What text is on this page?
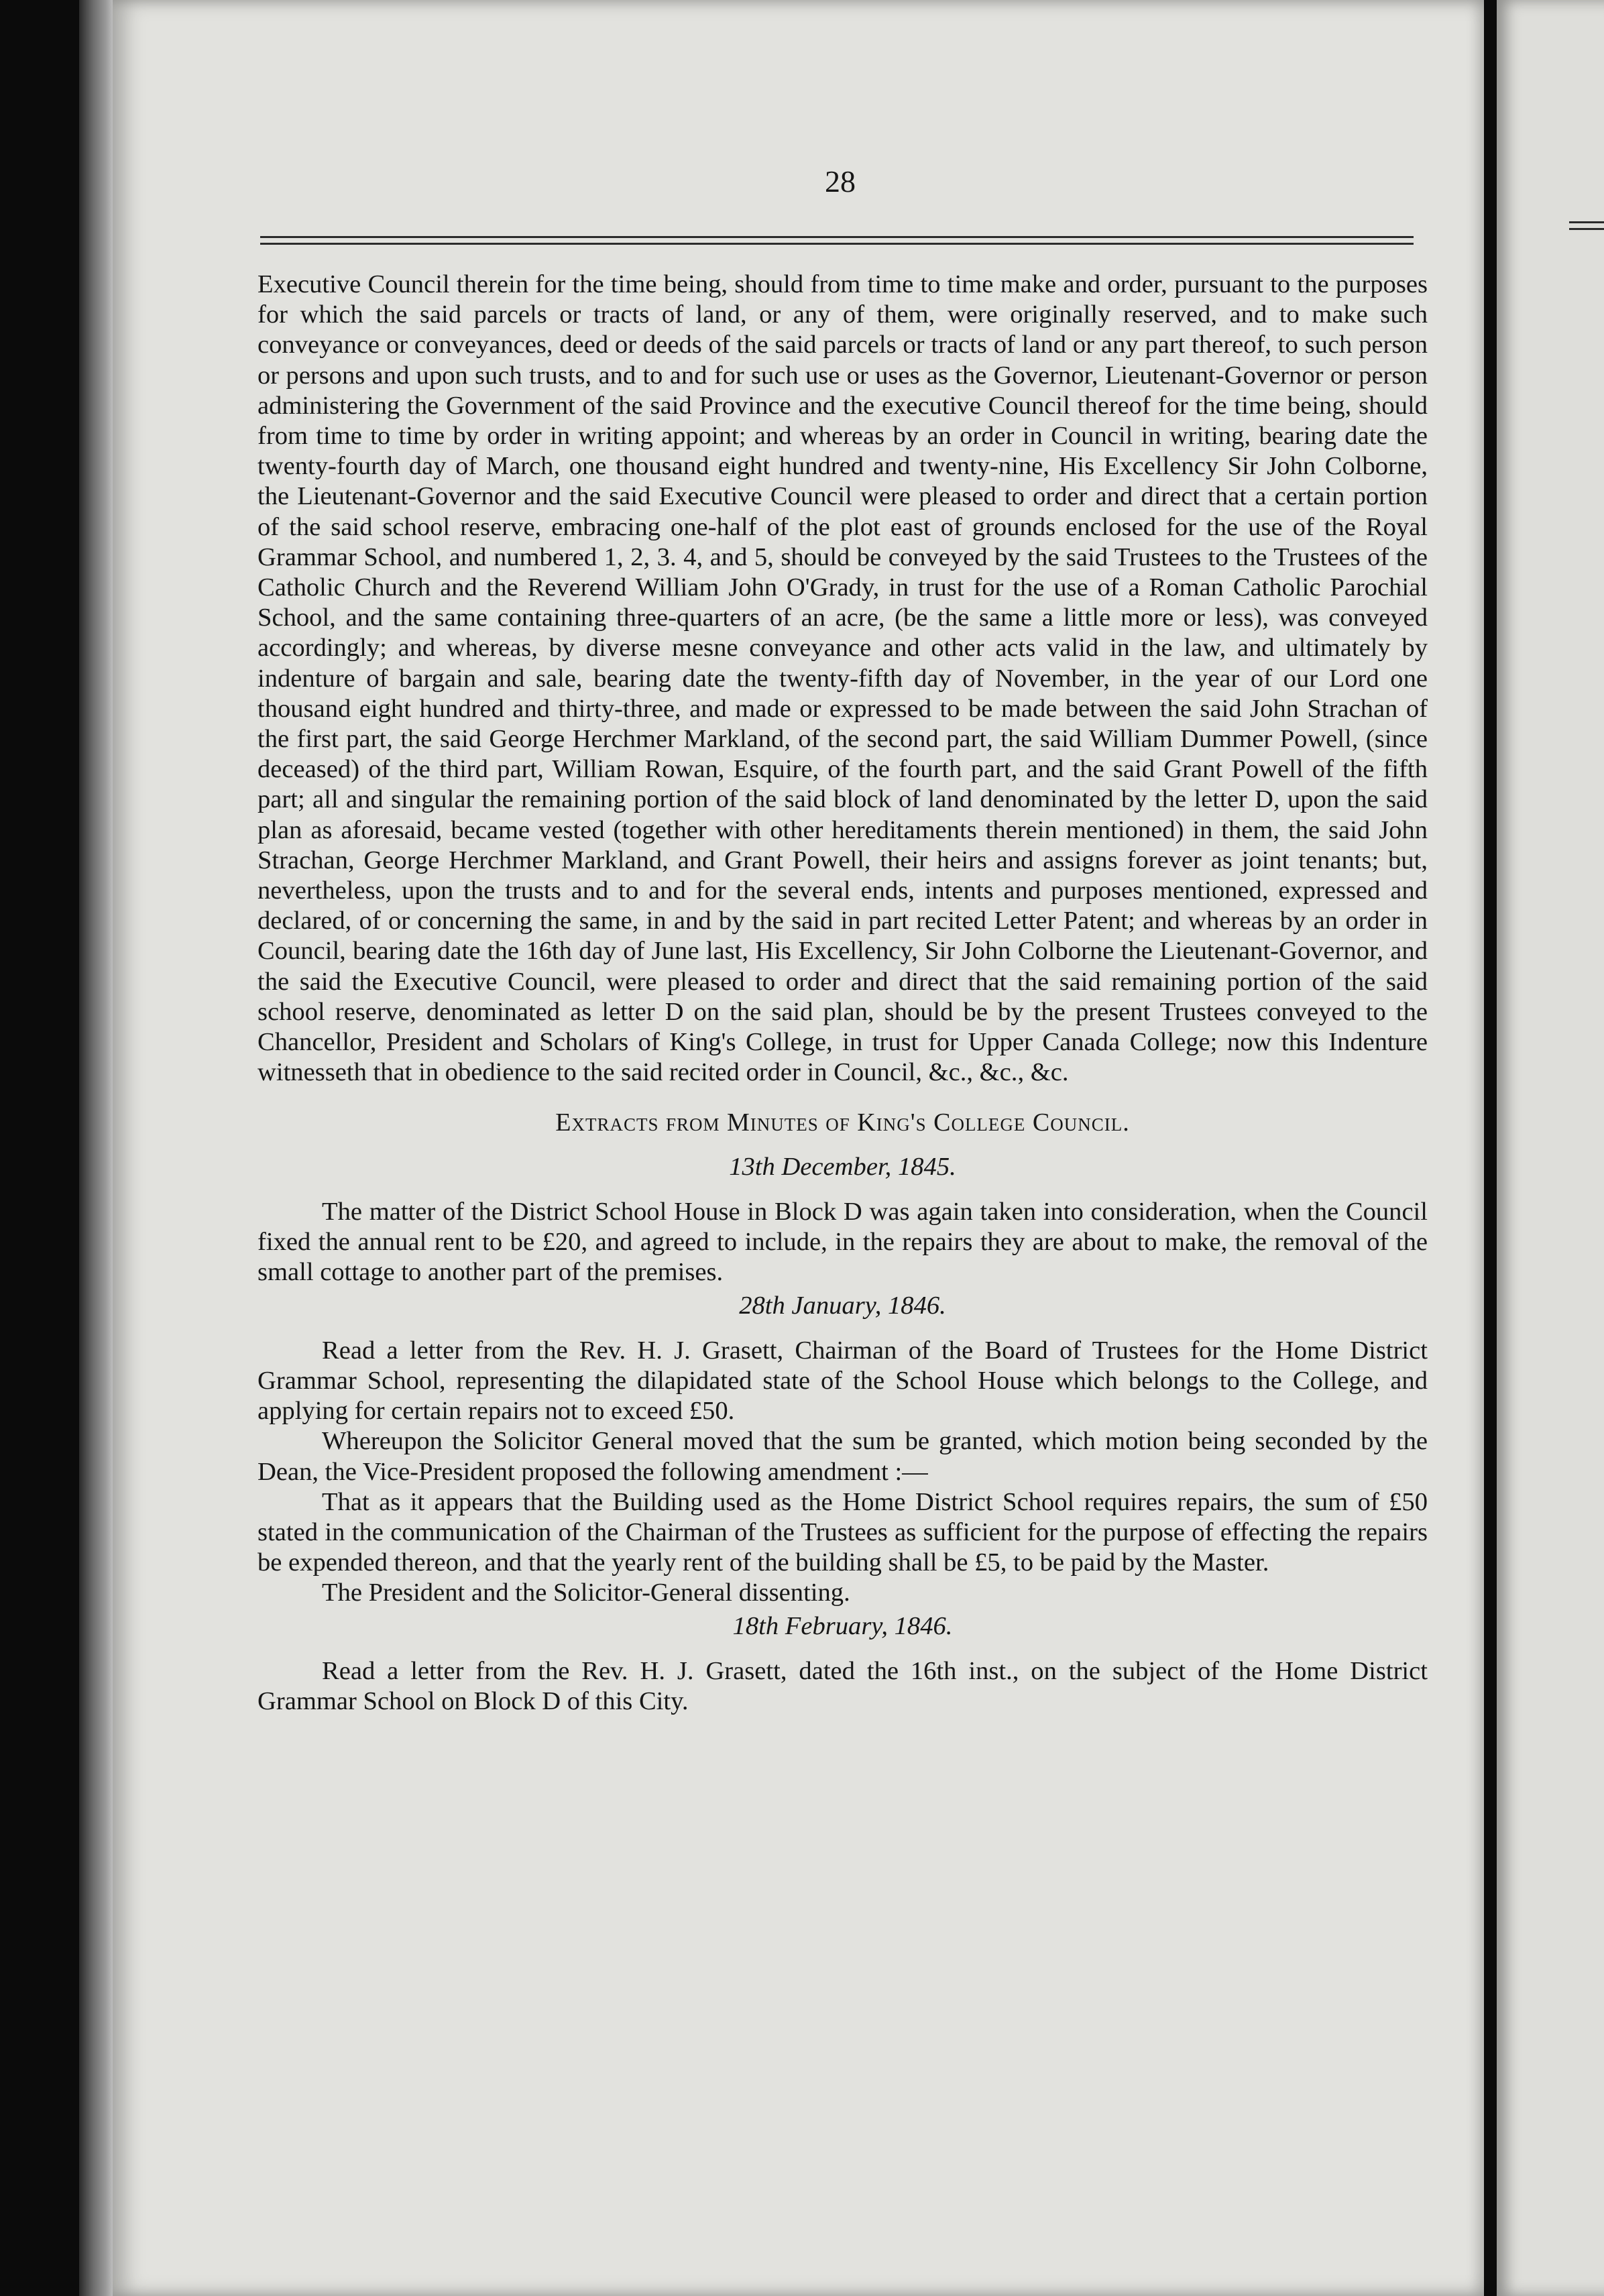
28

Executive Council therein for the time being, should from time to time make and order, pursuant to the purposes for which the said parcels or tracts of land, or any of them, were originally reserved, and to make such conveyance or conveyances, deed or deeds of the said parcels or tracts of land or any part thereof, to such person or persons and upon such trusts, and to and for such use or uses as the Governor, Lieutenant-Governor or person administering the Government of the said Province and the executive Council thereof for the time being, should from time to time by order in writing appoint; and whereas by an order in Council in writing, bearing date the twenty-fourth day of March, one thousand eight hundred and twenty-nine, His Excellency Sir John Colborne, the Lieutenant-Governor and the said Executive Council were pleased to order and direct that a certain portion of the said school reserve, embracing one-half of the plot east of grounds enclosed for the use of the Royal Grammar School, and numbered 1, 2, 3. 4, and 5, should be conveyed by the said Trustees to the Trustees of the Catholic Church and the Reverend William John O'Grady, in trust for the use of a Roman Catholic Parochial School, and the same containing three-quarters of an acre, (be the same a little more or less), was conveyed accordingly; and whereas, by diverse mesne conveyance and other acts valid in the law, and ultimately by indenture of bargain and sale, bearing date the twenty-fifth day of November, in the year of our Lord one thousand eight hundred and thirty-three, and made or expressed to be made between the said John Strachan of the first part, the said George Herchmer Markland, of the second part, the said William Dummer Powell, (since deceased) of the third part, William Rowan, Esquire, of the fourth part, and the said Grant Powell of the fifth part; all and singular the remaining portion of the said block of land denominated by the letter D, upon the said plan as aforesaid, became vested (together with other hereditaments therein mentioned) in them, the said John Strachan, George Herchmer Markland, and Grant Powell, their heirs and assigns forever as joint tenants; but, nevertheless, upon the trusts and to and for the several ends, intents and purposes mentioned, expressed and declared, of or concerning the same, in and by the said in part recited Letter Patent; and whereas by an order in Council, bearing date the 16th day of June last, His Excellency, Sir John Colborne the Lieutenant-Governor, and the said the Executive Council, were pleased to order and direct that the said remaining portion of the said school reserve, denominated as letter D on the said plan, should be by the present Trustees conveyed to the Chancellor, President and Scholars of King's College, in trust for Upper Canada College; now this Indenture witnesseth that in obedience to the said recited order in Council, &c., &c., &c.

Extracts from Minutes of King's College Council.

13th December, 1845.

The matter of the District School House in Block D was again taken into consideration, when the Council fixed the annual rent to be £20, and agreed to include, in the repairs they are about to make, the removal of the small cottage to another part of the premises.

28th January, 1846.

Read a letter from the Rev. H. J. Grasett, Chairman of the Board of Trustees for the Home District Grammar School, representing the dilapidated state of the School House which belongs to the College, and applying for certain repairs not to exceed £50.

Whereupon the Solicitor General moved that the sum be granted, which motion being seconded by the Dean, the Vice-President proposed the following amendment :—

That as it appears that the Building used as the Home District School requires repairs, the sum of £50 stated in the communication of the Chairman of the Trustees as sufficient for the purpose of effecting the repairs be expended thereon, and that the yearly rent of the building shall be £5, to be paid by the Master.

The President and the Solicitor-General dissenting.

18th February, 1846.

Read a letter from the Rev. H. J. Grasett, dated the 16th inst., on the subject of the Home District Grammar School on Block D of this City.
